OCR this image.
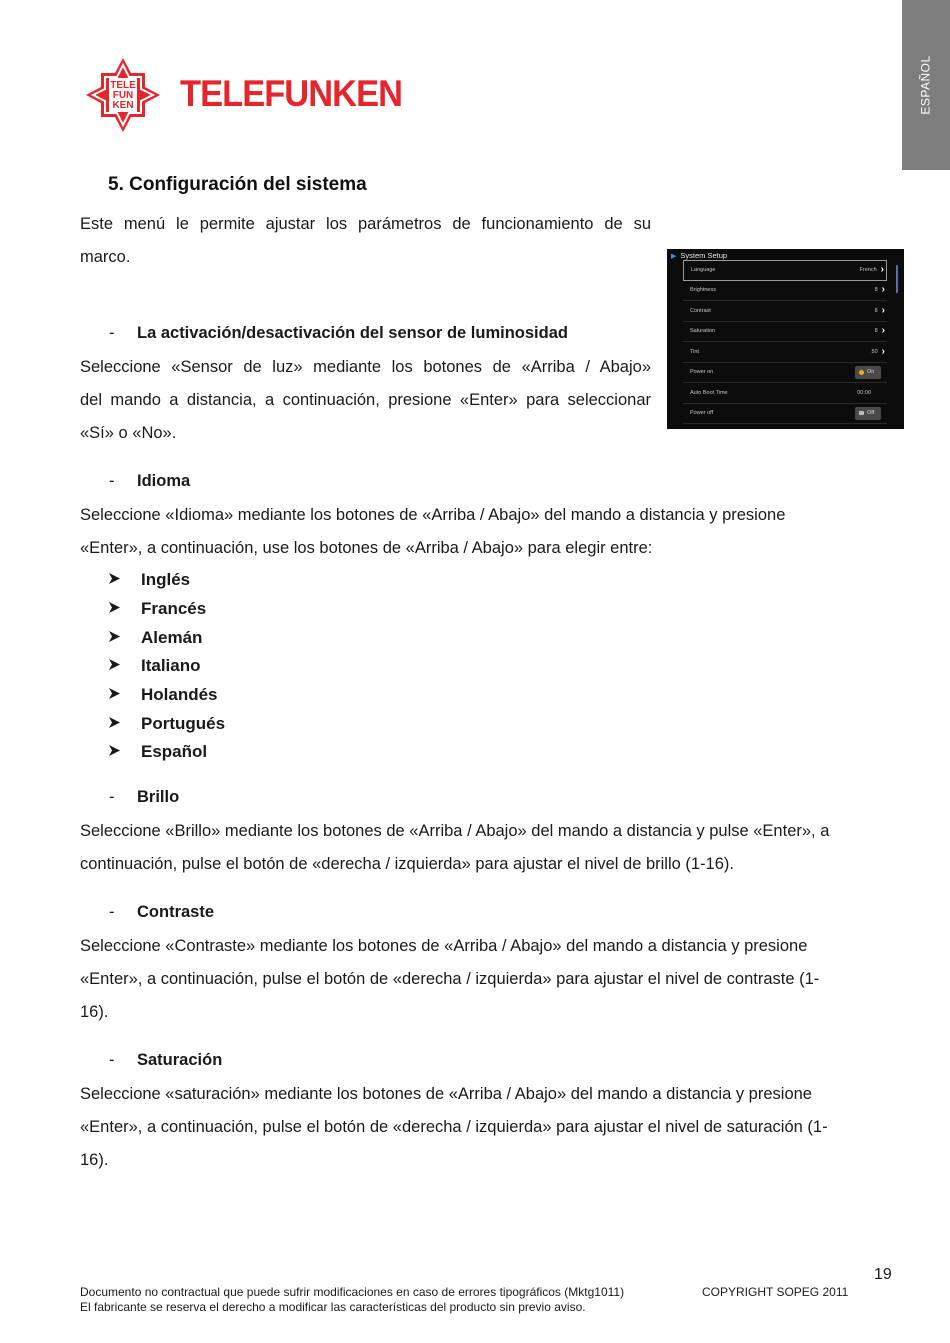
ESPAÑOL
TELE
FUN
KEN TELEFUNKEN
5. Configuración del sistema

Este menú le permite ajustar los parámetros de funcionamiento de su
marco.

- La activación/desactivación del sensor de luminosidad

Seleccione «Sensor de luz» mediante los botones de «Arriba / Abajo»
del mando a distancia, a continuación, presione «Enter» para seleccionar
«Sí» o «No».

▶ System Setup
Language	French ›
Brightness	8 ›
Contrast	8 ›
Saturation	8 ›
Tint	50 ›
Power on	On
Auto Boot Time	00:00
Power off	Off

- Idioma

Seleccione «Idioma» mediante los botones de «Arriba / Abajo» del mando a distancia y presione
«Enter», a continuación, use los botones de «Arriba / Abajo» para elegir entre:

Inglés
Francés
Alemán
Italiano
Holandés
Portugués
Español

- Brillo

Seleccione «Brillo» mediante los botones de «Arriba / Abajo» del mando a distancia y pulse «Enter», a
continuación, pulse el botón de «derecha / izquierda» para ajustar el nivel de brillo (1-16).

- Contraste

Seleccione «Contraste» mediante los botones de «Arriba / Abajo» del mando a distancia y presione
«Enter», a continuación, pulse el botón de «derecha / izquierda» para ajustar el nivel de contraste (1-
16).

- Saturación

Seleccione «saturación» mediante los botones de «Arriba / Abajo» del mando a distancia y presione
«Enter», a continuación, pulse el botón de «derecha / izquierda» para ajustar el nivel de saturación (1-
16).

19
Documento no contractual que puede sufrir modificaciones en caso de errores tipográficos (Mktg1011)	COPYRIGHT SOPEG 2011
El fabricante se reserva el derecho a modificar las características del producto sin previo aviso.
